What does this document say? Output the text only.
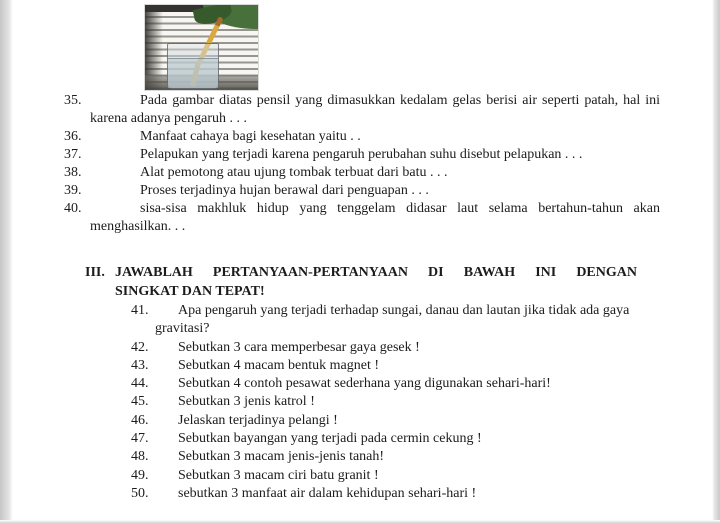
35.	Pada gambar diatas pensil yang dimasukkan kedalam gelas berisi air seperti patah, hal ini karena adanya pengaruh . . .
36.	Manfaat cahaya bagi kesehatan yaitu . .
37.	Pelapukan yang terjadi karena pengaruh perubahan suhu disebut pelapukan . . .
38.	Alat pemotong atau ujung tombak terbuat dari batu . . .
39.	Proses terjadinya hujan berawal dari penguapan . . .
40.	sisa-sisa makhluk hidup yang tenggelam didasar laut selama bertahun-tahun akan menghasilkan. . .
III. JAWABLAH PERTANYAAN-PERTANYAAN DI BAWAH INI DENGAN
SINGKAT DAN TEPAT!
41. Apa pengaruh yang terjadi terhadap sungai, danau dan lautan jika tidak ada gaya gravitasi?
42. Sebutkan 3 cara memperbesar gaya gesek !
43. Sebutkan 4 macam bentuk magnet !
44. Sebutkan 4 contoh pesawat sederhana yang digunakan sehari-hari!
45. Sebutkan 3 jenis katrol !
46. Jelaskan terjadinya pelangi !
47. Sebutkan bayangan yang terjadi pada cermin cekung !
48. Sebutkan 3 macam jenis-jenis tanah!
49. Sebutkan 3 macam ciri batu granit !
50. sebutkan 3 manfaat air dalam kehidupan sehari-hari !
